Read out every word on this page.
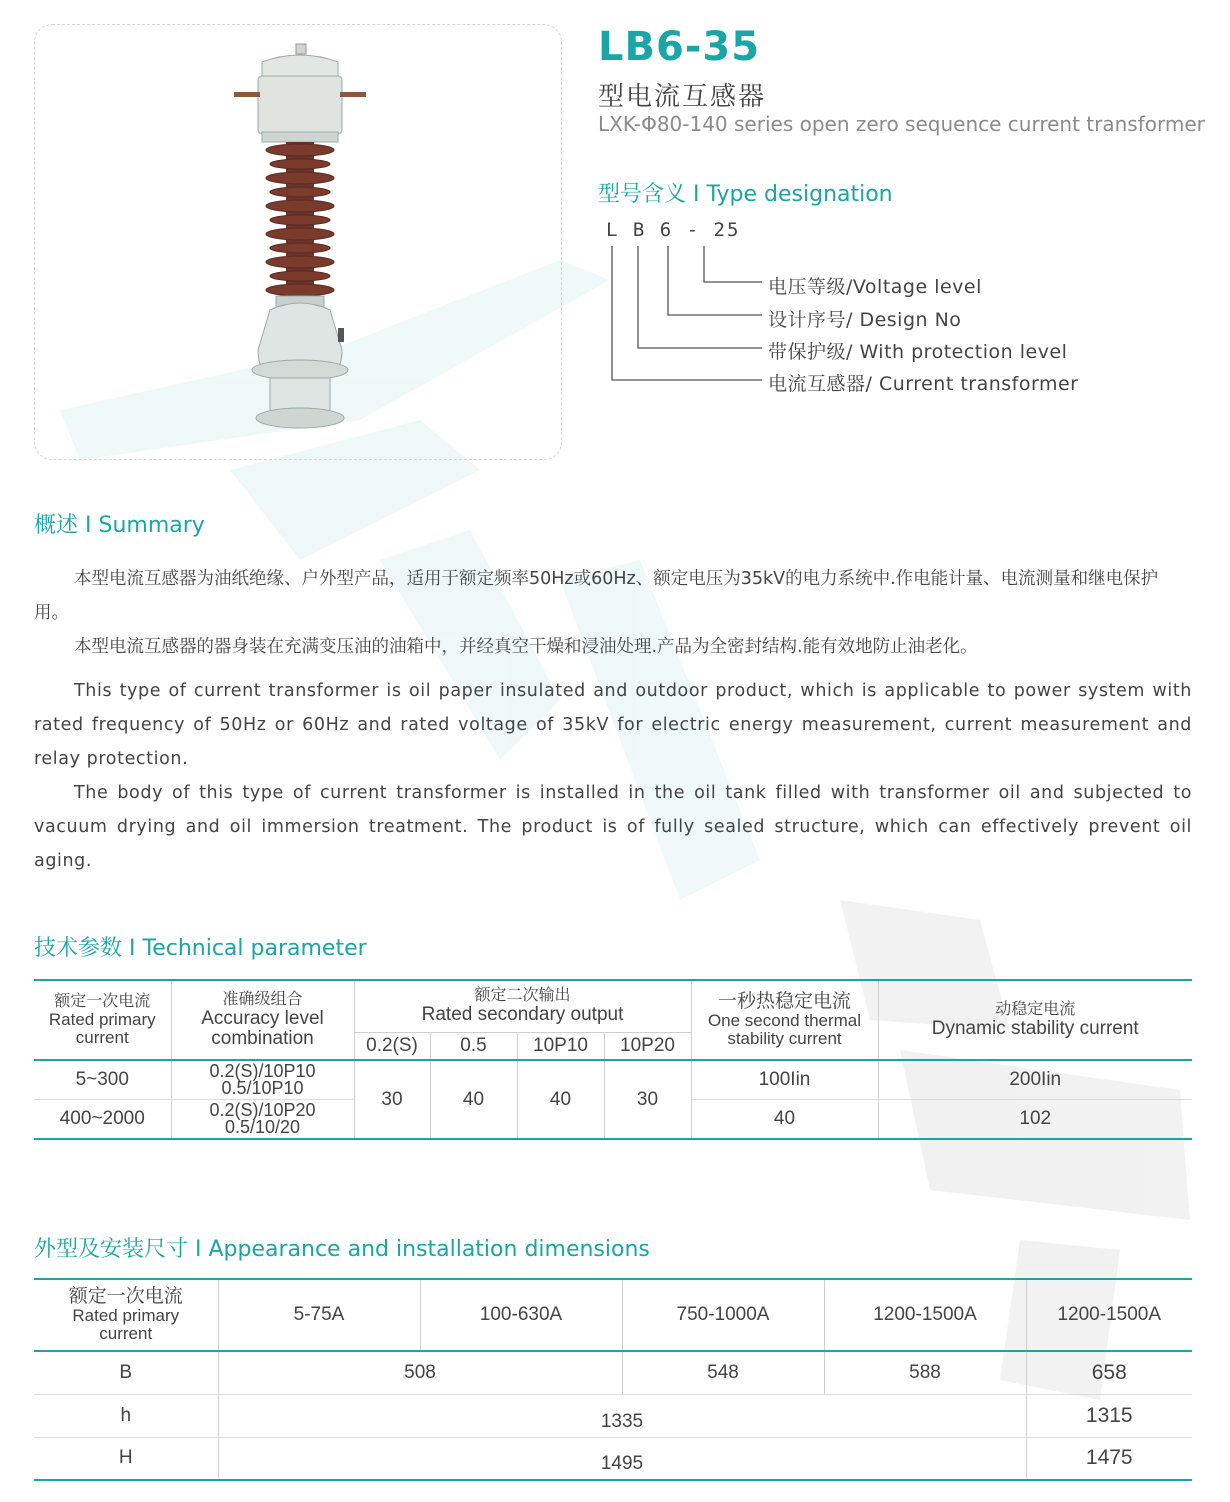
LB6-35
型电流互感器
LXK-Φ80-140 series open zero sequence current transformer
型号含义 I Type designation
L B 6 - 25
电压等级/Voltage level
设计序号/ Design No
带保护级/ With protection level
电流互感器/ Current transformer
概述 I Summary

本型电流互感器为油纸绝缘、户外型产品，适用于额定频率50Hz或60Hz、额定电压为35kV的电力系统中.作电能计量、电流测量和继电保护用。

本型电流互感器的器身装在充满变压油的油箱中，并经真空干燥和浸油处理.产品为全密封结构.能有效地防止油老化。

This type of current transformer is oil paper insulated and outdoor product, which is applicable to power system with rated frequency of 50Hz or 60Hz and rated voltage of 35kV for electric energy measurement, current measurement and relay protection.

The body of this type of current transformer is installed in the oil tank filled with transformer oil and subjected to vacuum drying and oil immersion treatment. The product is of fully sealed structure, which can effectively prevent oil aging.

技术参数 I Technical parameter
额定一次电流
Rated primary
current	准确级组合
Accuracy level
combination	额定二次输出
Rated secondary output				一秒热稳定电流
One second thermal
stability current	动稳定电流
Dynamic stability current

		0.2(S)	0.5	10P10	10P20		
5~300	0.2(S)/10P10
0.5/10P10	30	40	40	30	100Iin	200Iin
400~2000	0.2(S)/10P20
0.5/10/20					40	102
外型及安装尺寸 I Appearance and installation dimensions
额定一次电流
Rated primary
current	5-75A	100-630A	750-1000A	1200-1500A	1200-1500A
B	508		548	588	658
h	1335				1315
H	1495				1475
